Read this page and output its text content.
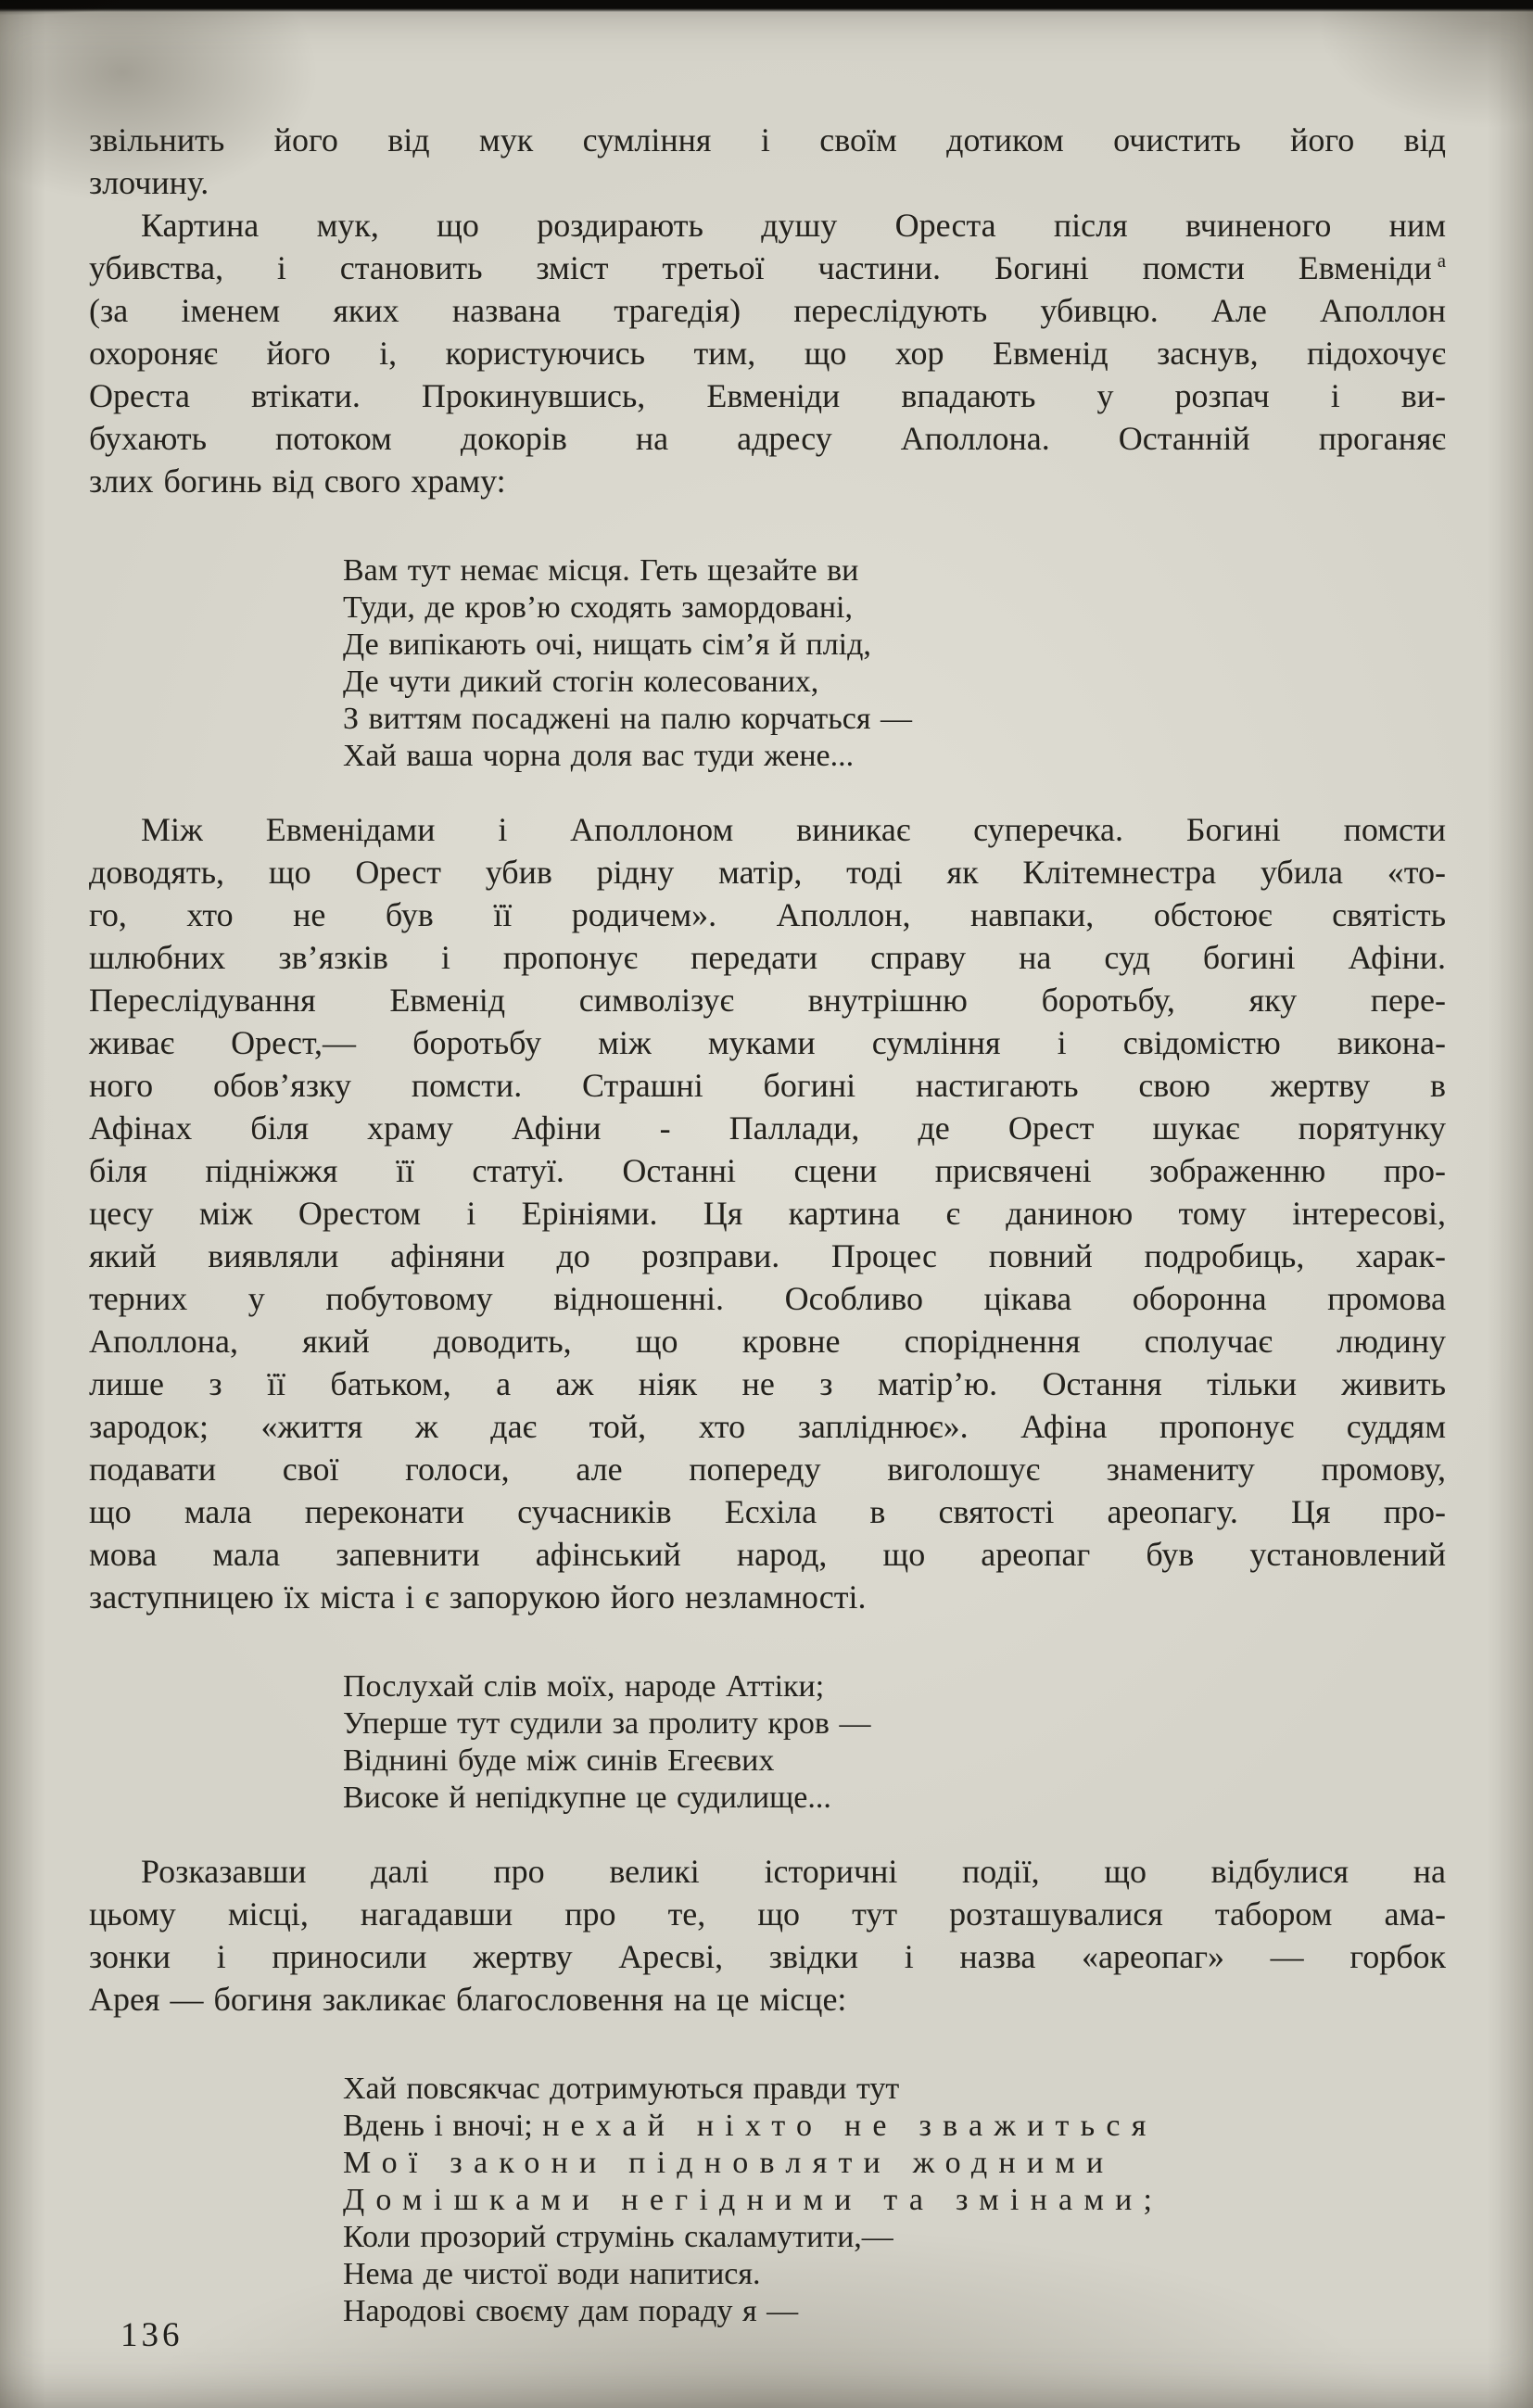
звільнить його від мук сумління і своїм дотиком очистить його від
злочину.
Картина мук, що роздирають душу Ореста після вчиненого ним
убивства, і становить зміст третьої частини. Богині помсти Евменіди $^a$
(за іменем яких названа трагедія) переслідують убивцю. Але Аполлон
охороняє його і, користуючись тим, що хор Евменід заснув, підохочує
Ореста втікати. Прокинувшись, Евменіди впадають у розпач і ви-
бухають потоком докорів на адресу Аполлона. Останній проганяє
злих богинь від свого храму:
Вам тут немає місця. Геть щезайте ви
Туди, де кров’ю сходять замордовані,
Де випікають очі, нищать сім’я й плід,
Де чути дикий стогін колесованих,
З виттям посаджені на палю корчаться —
Хай ваша чорна доля вас туди жене...
Між Евменідами і Аполлоном виникає суперечка. Богині помсти
доводять, що Орест убив рідну матір, тоді як Клітемнестра убила «то-
го, хто не був її родичем». Аполлон, навпаки, обстоює святість
шлюбних зв’язків і пропонує передати справу на суд богині Афіни.
Переслідування Евменід символізує внутрішню боротьбу, яку пере-
живає Орест,— боротьбу між муками сумління і свідомістю викона-
ного обов’язку помсти. Страшні богині настигають свою жертву в
Афінах біля храму Афіни - Паллади, де Орест шукає порятунку
біля підніжжя її статуї. Останні сцени присвячені зображенню про-
цесу між Орестом і Ерініями. Ця картина є даниною тому інтересові,
який виявляли афіняни до розправи. Процес повний подробиць, харак-
терних у побутовому відношенні. Особливо цікава оборонна промова
Аполлона, який доводить, що кровне споріднення сполучає людину
лише з її батьком, а аж ніяк не з матір’ю. Остання тільки живить
зародок; «життя ж дає той, хто запліднює». Афіна пропонує суддям
подавати свої голоси, але попереду виголошує знамениту промову,
що мала переконати сучасників Есхіла в святості ареопагу. Ця про-
мова мала запевнити афінський народ, що ареопаг був установлений
заступницею їх міста і є запорукою його незламності.
Послухай слів моїх, народе Аттіки;
Уперше тут судили за пролиту кров —
Віднині буде між синів Егеєвих
Високе й непідкупне це судилище...
Розказавши далі про великі історичні події, що відбулися на
цьому місці, нагадавши про те, що тут розташувалися табором ама-
зонки і приносили жертву Аресві, звідки і назва «ареопаг» — горбок
Арея — богиня закликає благословення на це місце:
Хай повсякчас дотримуються правди тут
Вдень і вночі; нехай ніхто не зважиться
Мої закони підновляти жодними
Домішками негідними та змінами;
Коли прозорий струмінь скаламутити,—
Нема де чистої води напитися.
Народові своєму дам пораду я —
136
